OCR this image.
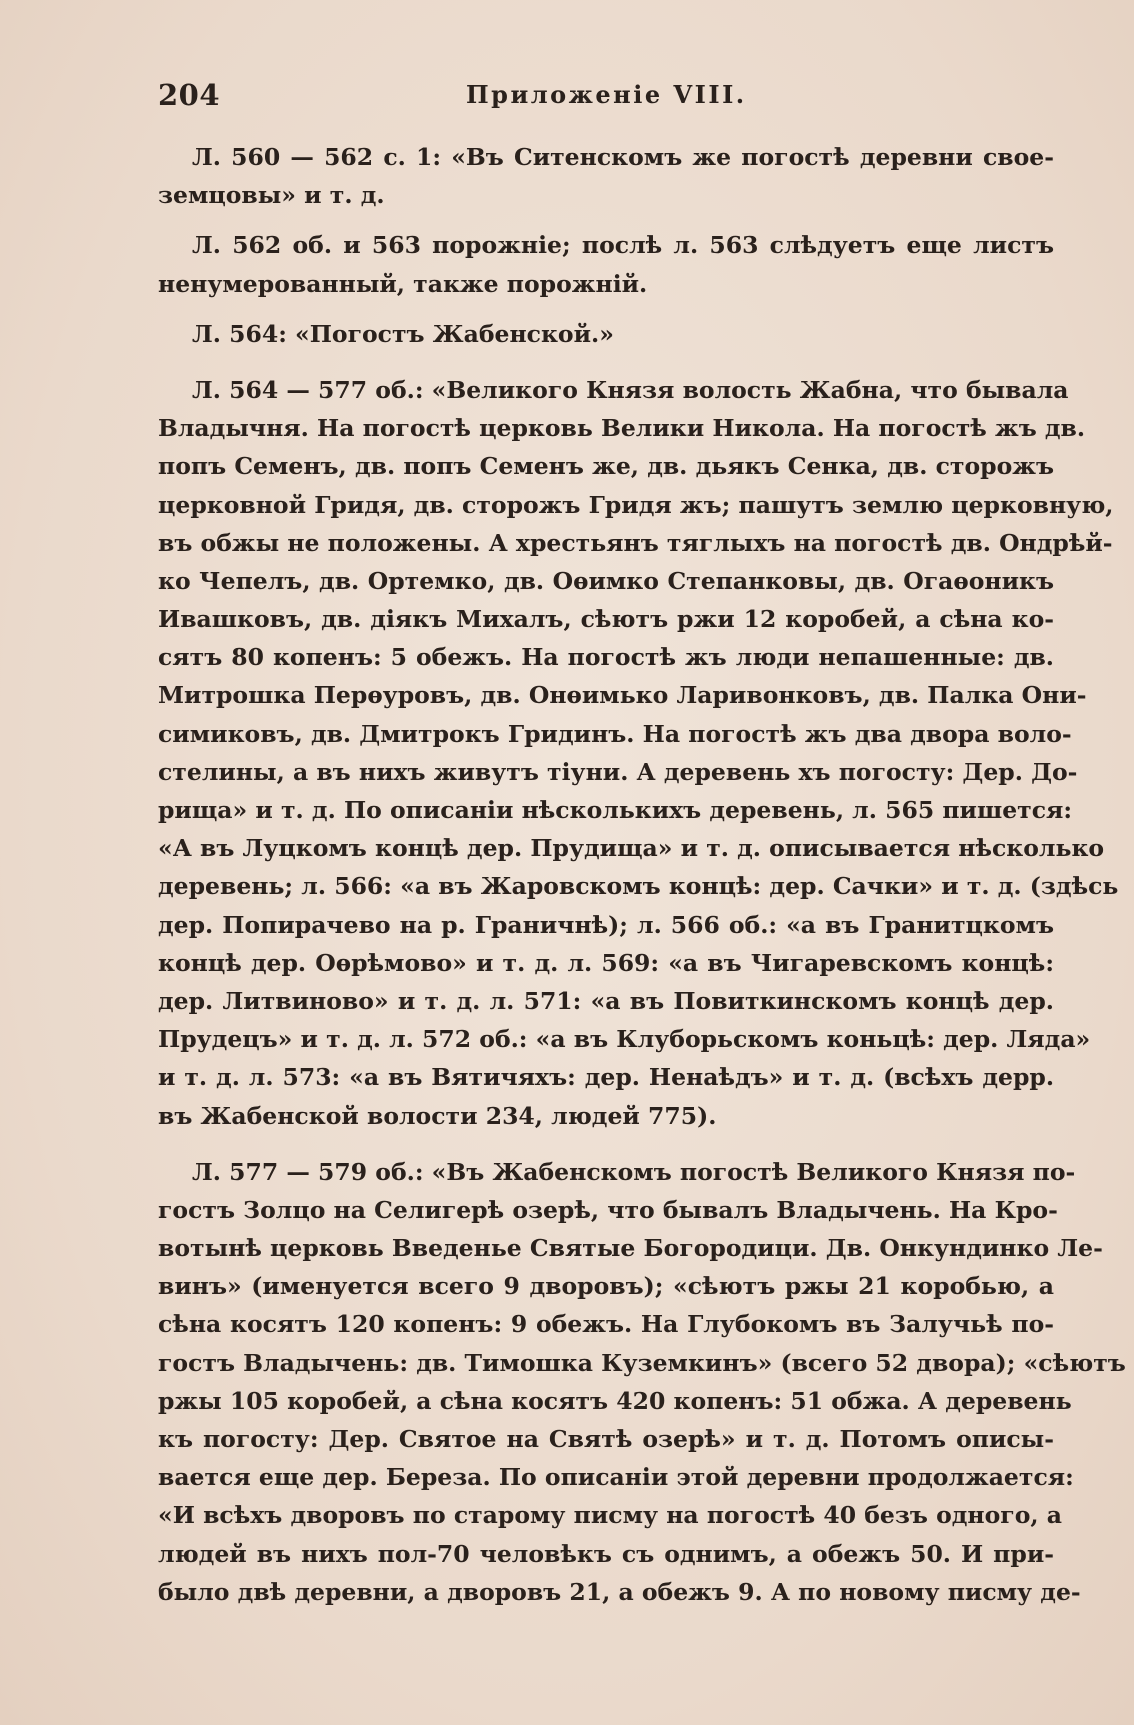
204	Приложеніе VIII.
Л. 560 — 562 с. 1: «Въ Ситенскомъ же погостѣ деревни свое-
земцовы» и т. д.
Л. 562 об. и 563 порожніе; послѣ л. 563 слѣдуетъ еще листъ
ненумерованный, также порожній.
Л. 564: «Погостъ Жабенской.»
Л. 564 — 577 об.: «Великого Князя волость Жабна, что бывала
Владычня. На погостѣ церковь Велики Никола. На погостѣ жъ дв.
попъ Семенъ, дв. попъ Семенъ же, дв. дьякъ Сенка, дв. сторожъ
церковной Гридя, дв. сторожъ Гридя жъ; пашутъ землю церковную,
въ обжы не положены. А хрестьянъ тяглыхъ на погостѣ дв. Ондрѣй-
ко Чепелъ, дв. Ортемко, дв. Оѳимко Степанковы, дв. Огаѳоникъ
Ивашковъ, дв. діякъ Михалъ, сѣютъ ржи 12 коробей, а сѣна ко-
сятъ 80 копенъ: 5 обежъ. На погостѣ жъ люди непашенные: дв.
Митрошка Перѳуровъ, дв. Онѳимько Ларивонковъ, дв. Палка Они-
симиковъ, дв. Дмитрокъ Гридинъ. На погостѣ жъ два двора воло-
стелины, а въ нихъ живутъ тіуни. А деревень хъ погосту: Дер. До-
рища» и т. д. По описаніи нѣсколькихъ деревень, л. 565 пишется:
«А въ Луцкомъ концѣ дер. Прудища» и т. д. описывается нѣсколько
деревень; л. 566: «а въ Жаровскомъ концѣ: дер. Сачки» и т. д. (здѣсь
дер. Попирачево на р. Граничнѣ); л. 566 об.: «а въ Гранитцкомъ
концѣ дер. Оѳрѣмово» и т. д. л. 569: «а въ Чигаревскомъ концѣ:
дер. Литвиново» и т. д. л. 571: «а въ Повиткинскомъ концѣ дер.
Прудецъ» и т. д. л. 572 об.: «а въ Клуборьскомъ коньцѣ: дер. Ляда»
и т. д. л. 573: «а въ Вятичяхъ: дер. Ненаѣдъ» и т. д. (всѣхъ дерр.
въ Жабенской волости 234, людей 775).
Л. 577 — 579 об.: «Въ Жабенскомъ погостѣ Великого Князя по-
гостъ Золцо на Селигерѣ озерѣ, что бывалъ Владычень. На Кро-
вотынѣ церковь Введенье Святые Богородици. Дв. Онкундинко Ле-
винъ» (именуется всего 9 дворовъ); «сѣютъ ржы 21 коробью, а
сѣна косятъ 120 копенъ: 9 обежъ. На Глубокомъ въ Залучьѣ по-
гостъ Владычень: дв. Тимошка Куземкинъ» (всего 52 двора); «сѣютъ
ржы 105 коробей, а сѣна косятъ 420 копенъ: 51 обжа. А деревень
къ погосту: Дер. Святое на Святѣ озерѣ» и т. д. Потомъ описы-
вается еще дер. Береза. По описаніи этой деревни продолжается:
«И всѣхъ дворовъ по старому писму на погостѣ 40 безъ одного, а
людей въ нихъ пол-70 человѣкъ съ однимъ, а обежъ 50. И при-
было двѣ деревни, а дворовъ 21, а обежъ 9. А по новому писму де-
